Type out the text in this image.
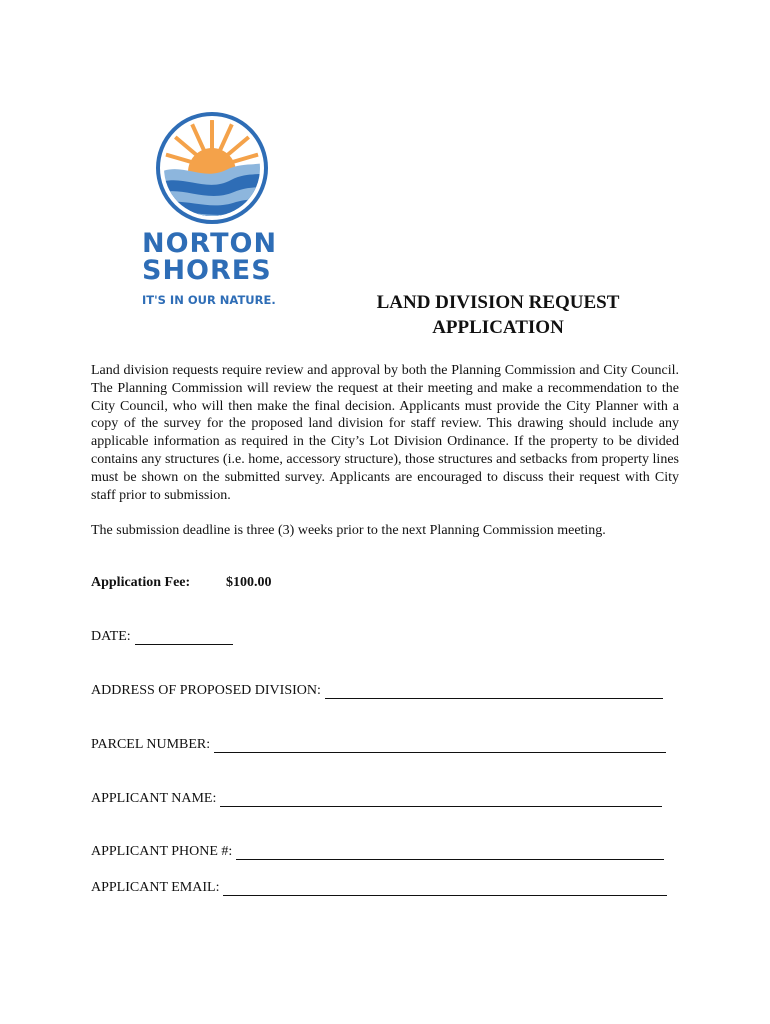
NORTON
SHORES
IT'S IN OUR NATURE.	LAND DIVISION REQUEST
APPLICATION

Land division requests require review and approval by both the Planning Commission and City Council. The Planning Commission will review the request at their meeting and make a recommendation to the City Council, who will then make the final decision. Applicants must provide the City Planner with a copy of the survey for the proposed land division for staff review. This drawing should include any applicable information as required in the City’s Lot Division Ordinance. If the property to be divided contains any structures (i.e. home, accessory structure), those structures and setbacks from property lines must be shown on the submitted survey. Applicants are encouraged to discuss their request with City staff prior to submission.

The submission deadline is three (3) weeks prior to the next Planning Commission meeting.

Application Fee:	$100.00
DATE:
ADDRESS OF PROPOSED DIVISION:
PARCEL NUMBER:
APPLICANT NAME:
APPLICANT PHONE #:
APPLICANT EMAIL:
